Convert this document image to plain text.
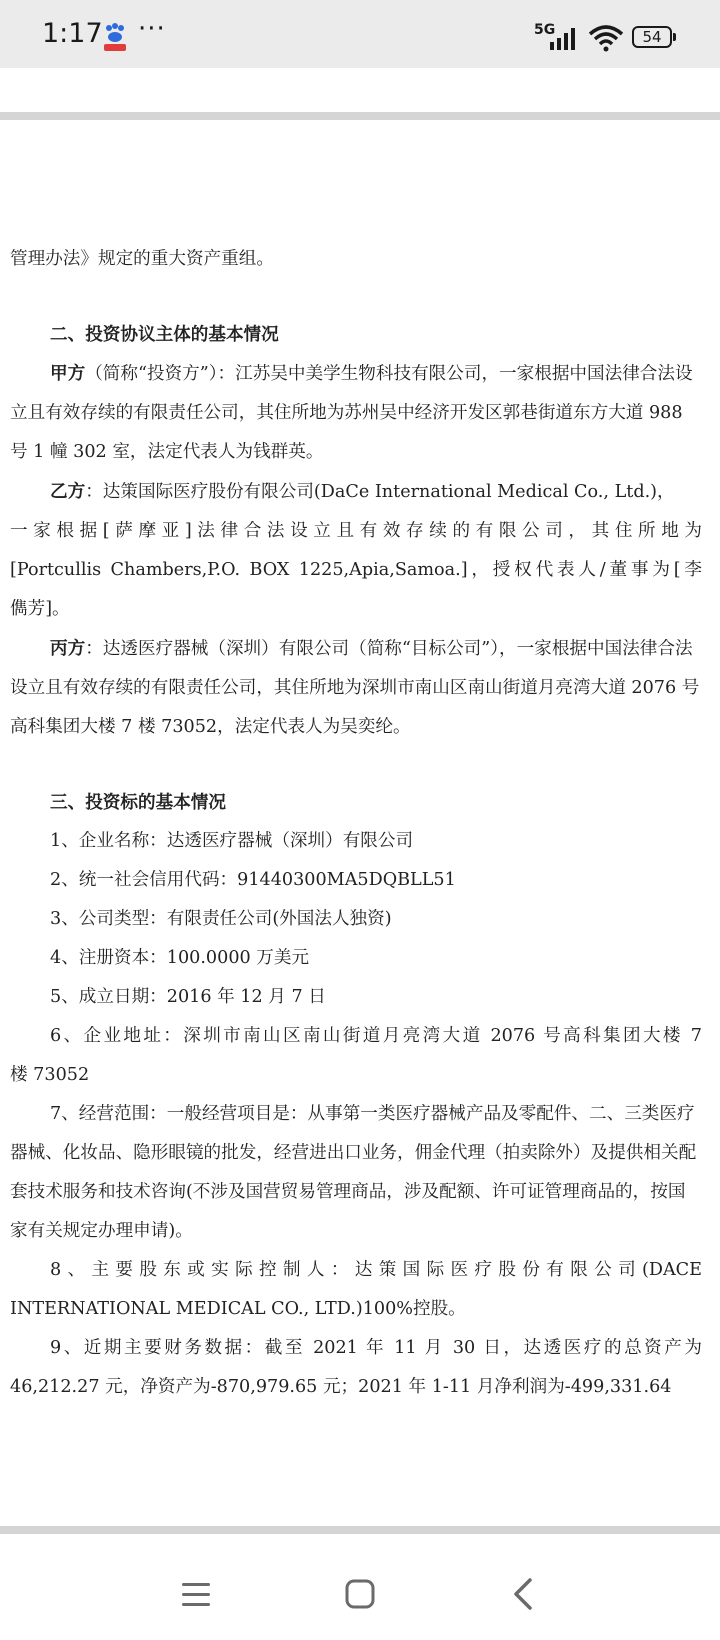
1:17 ···	5G	54

管理办法》规定的重大资产重组。

二、投资协议主体的基本情况

甲方（简称“投资方”）：江苏吴中美学生物科技有限公司，一家根据中国法律合法设立且有效存续的有限责任公司，其住所地为苏州吴中经济开发区郭巷街道东方大道 988 号 1 幢 302 室，法定代表人为钱群英。

乙方：达策国际医疗股份有限公司(DaCe International Medical Co., Ltd.)，

一家根据[萨摩亚]法律合法设立且有效存续的有限公司，其住所地为

[Portcullis Chambers,P.O. BOX 1225,Apia,Samoa.]，授权代表人/董事为[李

儁芳]。

丙方：达透医疗器械（深圳）有限公司（简称“目标公司”），一家根据中国法律合法设立且有效存续的有限责任公司，其住所地为深圳市南山区南山街道月亮湾大道 2076 号高科集团大楼 7 楼 73052，法定代表人为吴奕纶。

三、投资标的基本情况

1、企业名称：达透医疗器械（深圳）有限公司

2、统一社会信用代码：91440300MA5DQBLL51

3、公司类型：有限责任公司(外国法人独资)

4、注册资本：100.0000 万美元

5、成立日期：2016 年 12 月 7 日

6、企业地址：深圳市南山区南山街道月亮湾大道 2076 号高科集团大楼 7

楼 73052

7、经营范围：一般经营项目是：从事第一类医疗器械产品及零配件、二、三类医疗器械、化妆品、隐形眼镜的批发，经营进出口业务，佣金代理（拍卖除外）及提供相关配套技术服务和技术咨询(不涉及国营贸易管理商品，涉及配额、许可证管理商品的，按国家有关规定办理申请)。

8、主要股东或实际控制人：达策国际医疗股份有限公司(DACE

INTERNATIONAL MEDICAL CO., LTD.)100%控股。

9、近期主要财务数据：截至 2021 年 11 月 30 日，达透医疗的总资产为

46,212.27 元，净资产为-870,979.65 元；2021 年 1-11 月净利润为-499,331.64
